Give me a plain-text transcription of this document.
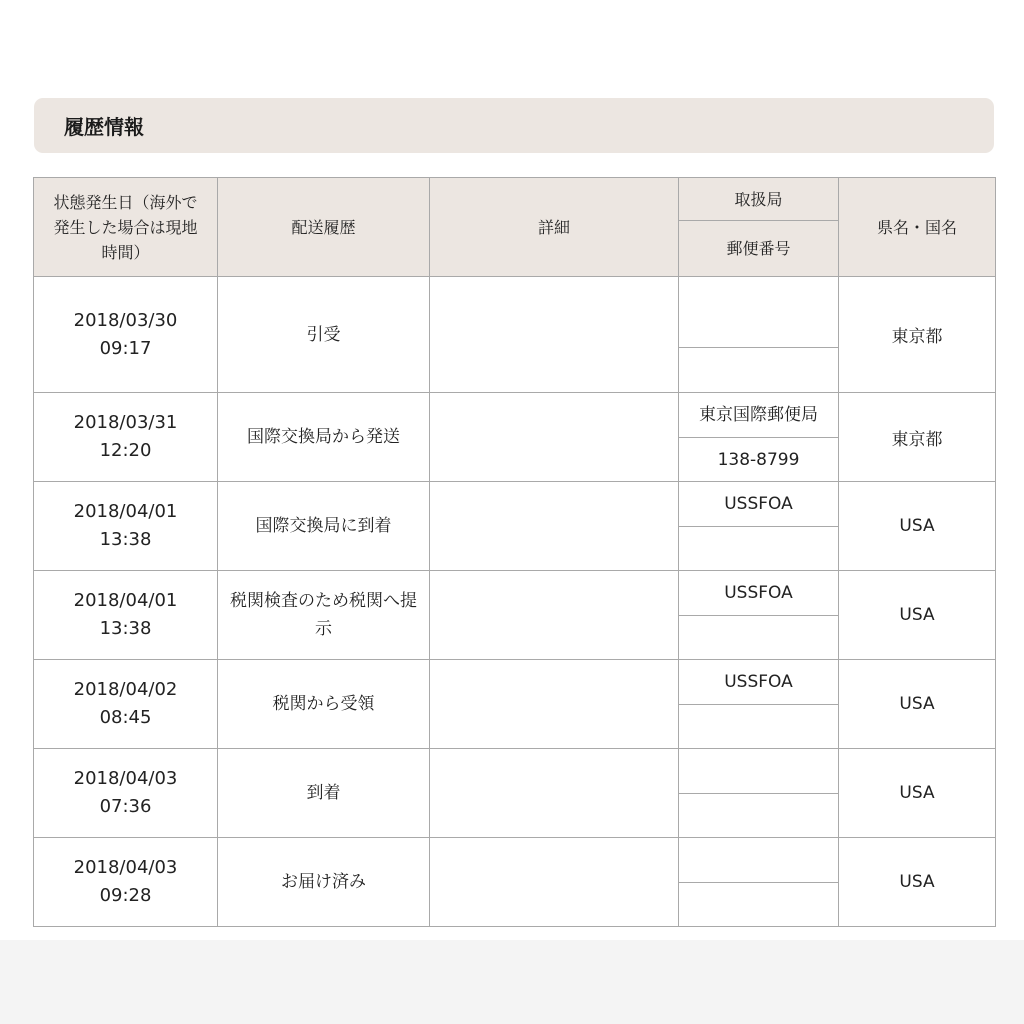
履歴情報
状態発生日（海外で発生した場合は現地時間）	配送履歴	詳細	取扱局	県名・国名
			郵便番号	

2018/03/30
09:17	引受			東京都

2018/03/31
12:20	国際交換局から発送		東京国際郵便局	東京都
			138-8799	

2018/04/01
13:38	国際交換局に到着		USSFOA	USA

2018/04/01
13:38	税関検査のため税関へ提示		USSFOA	USA

2018/04/02
08:45	税関から受領		USSFOA	USA

2018/04/03
07:36	到着			USA

2018/04/03
09:28	お届け済み			USA
